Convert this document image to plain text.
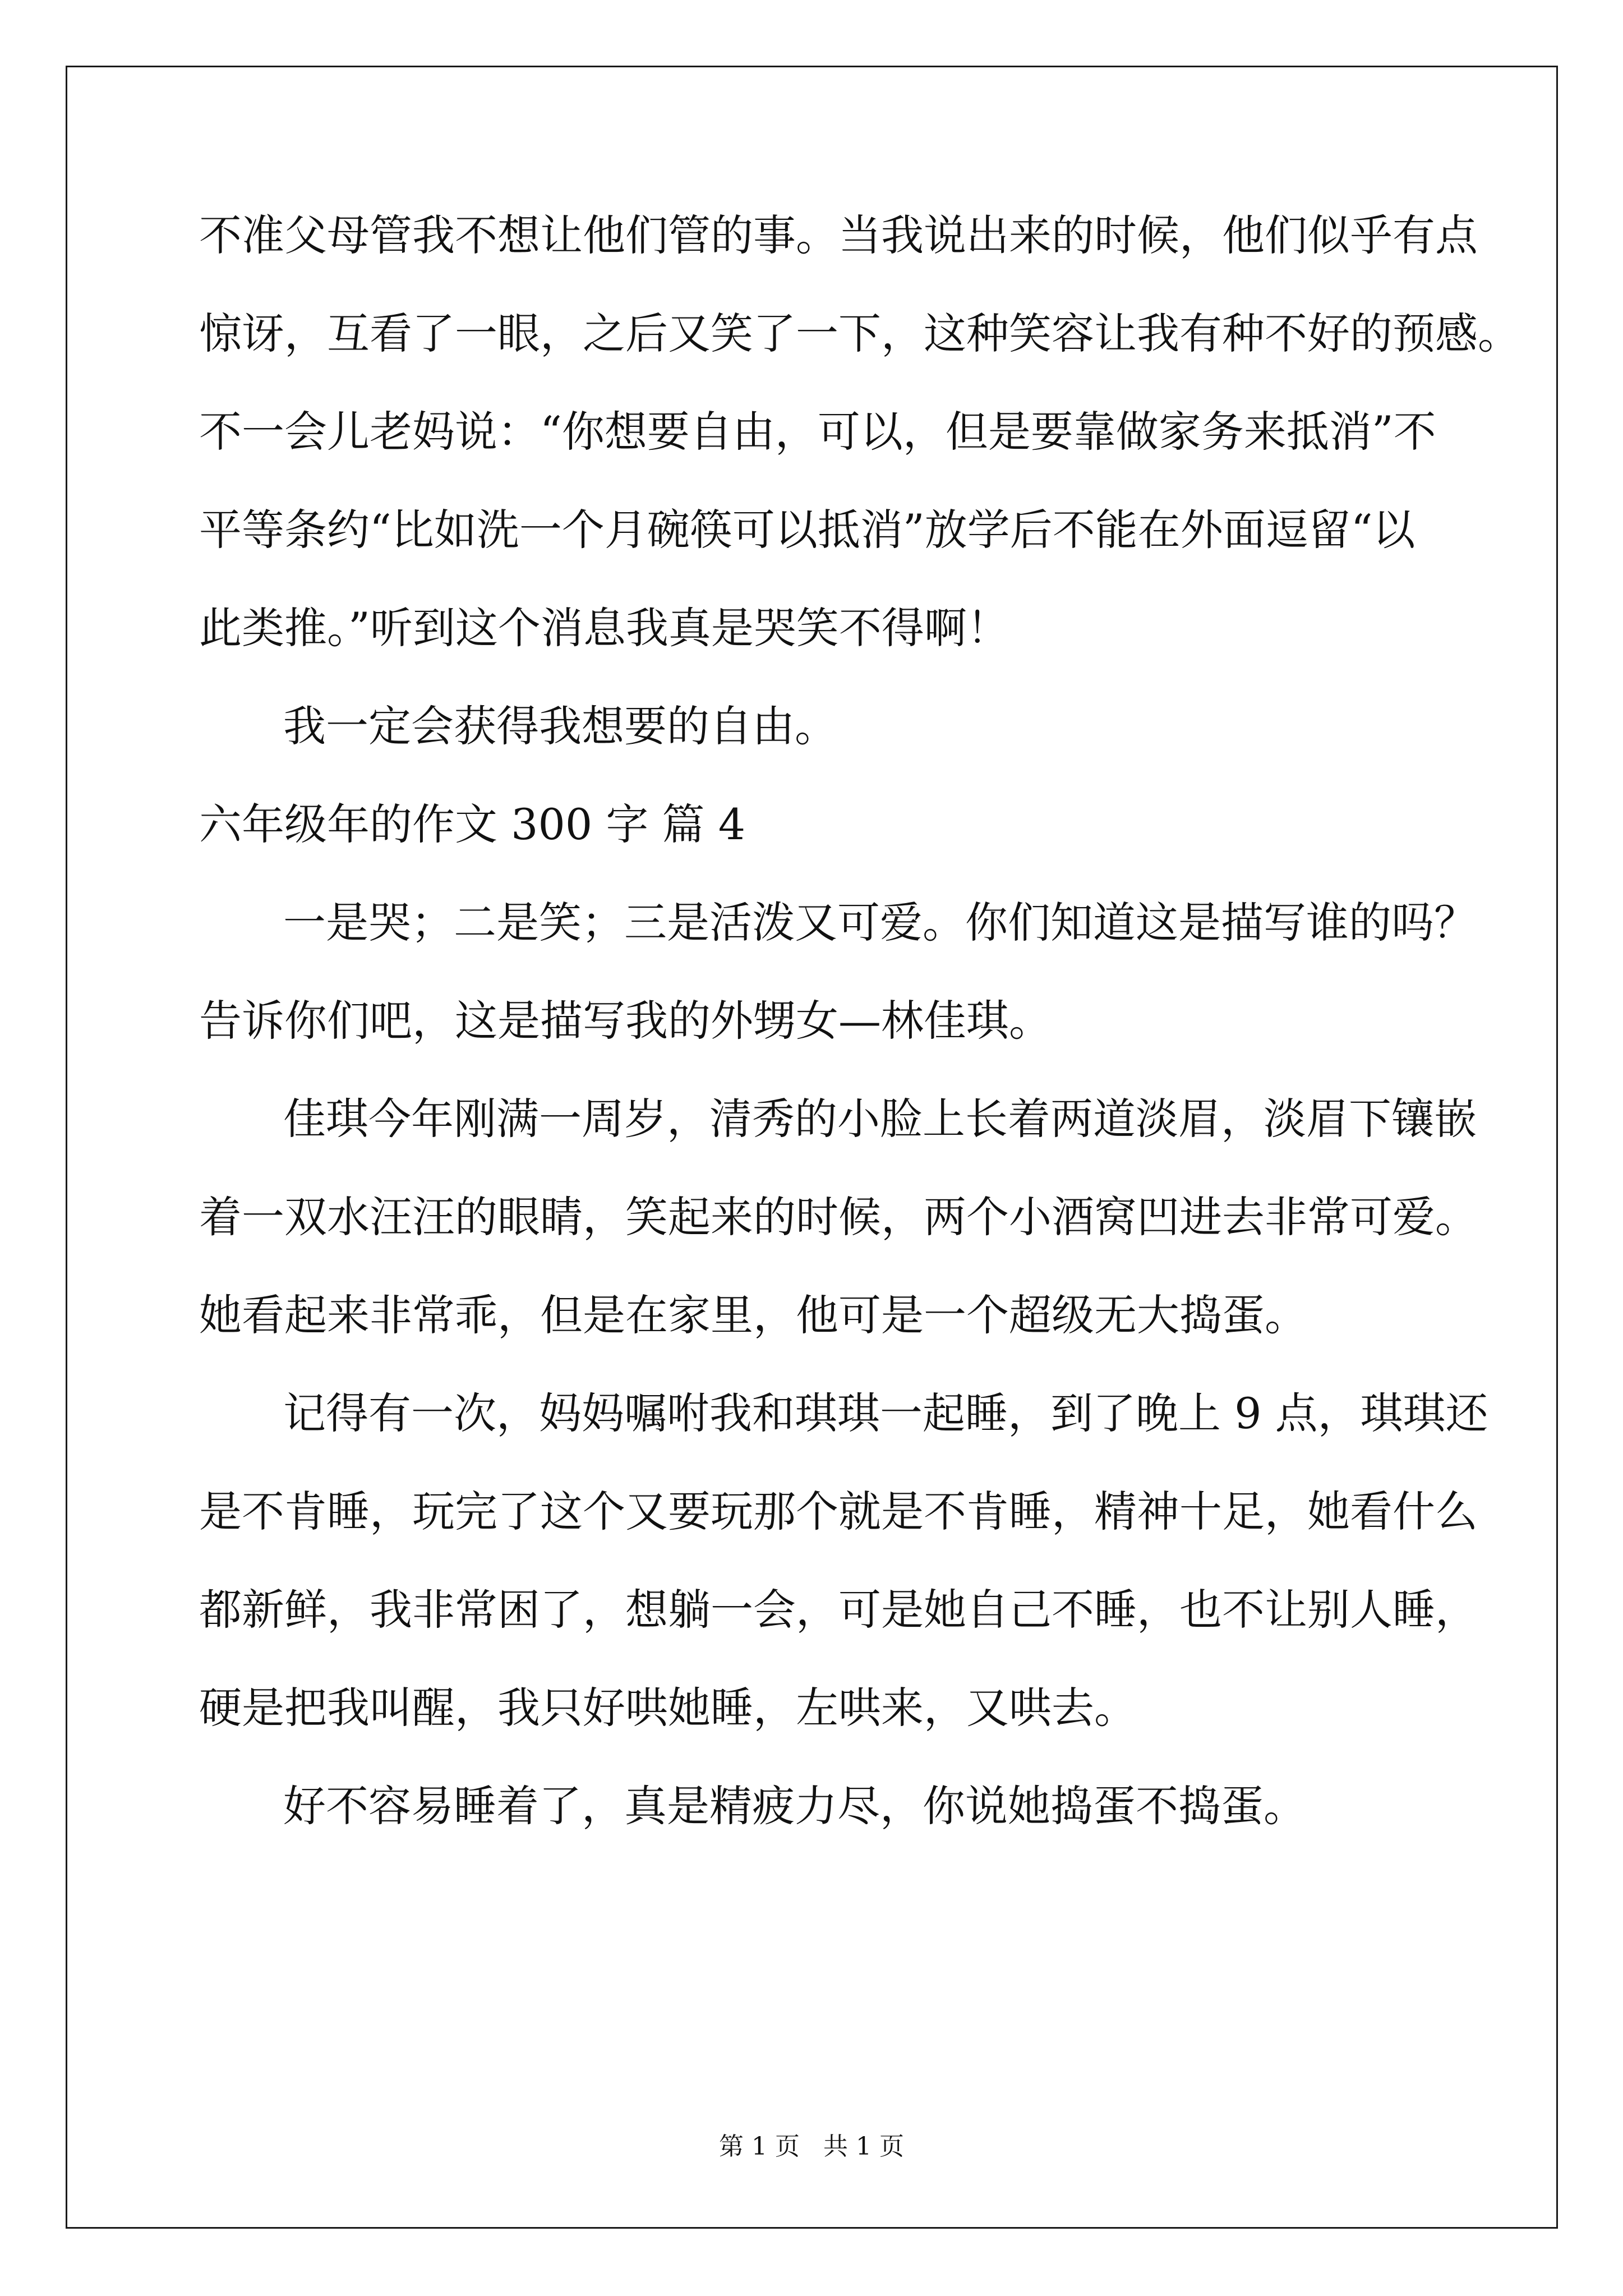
不准父母管我不想让他们管的事。当我说出来的时候，他们似乎有点
惊讶，互看了一眼，之后又笑了一下，这种笑容让我有种不好的预感。
不一会儿老妈说：“你想要自由，可以，但是要靠做家务来抵消”不
平等条约“比如洗一个月碗筷可以抵消”放学后不能在外面逗留“以
此类推。”听到这个消息我真是哭笑不得啊！
我一定会获得我想要的自由。
六年级年的作文 300 字 篇 4
一是哭；二是笑；三是活泼又可爱。你们知道这是描写谁的吗？
告诉你们吧，这是描写我的外甥女—林佳琪。
佳琪今年刚满一周岁，清秀的小脸上长着两道淡眉，淡眉下镶嵌
着一双水汪汪的眼睛，笑起来的时候，两个小酒窝凹进去非常可爱。
她看起来非常乖，但是在家里，他可是一个超级无大捣蛋。
记得有一次，妈妈嘱咐我和琪琪一起睡，到了晚上 9 点，琪琪还
是不肯睡，玩完了这个又要玩那个就是不肯睡，精神十足，她看什么
都新鲜，我非常困了，想躺一会，可是她自己不睡，也不让别人睡，
硬是把我叫醒，我只好哄她睡，左哄来，又哄去。
好不容易睡着了，真是精疲力尽，你说她捣蛋不捣蛋。
第 1 页   共 1 页
